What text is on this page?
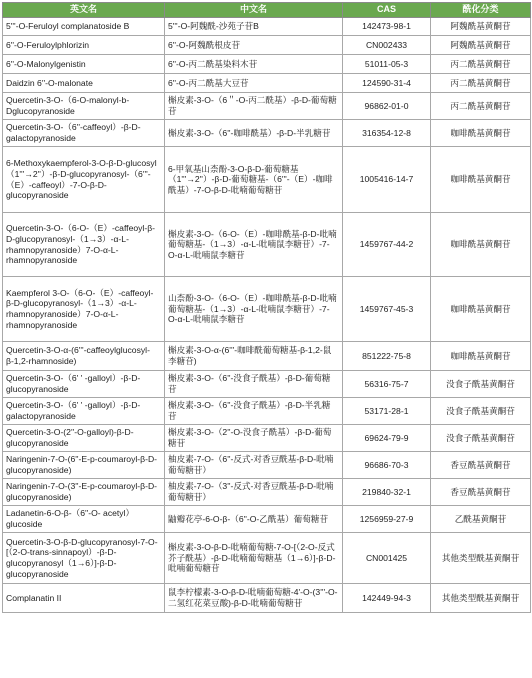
英文名	中文名	CAS	酰化分类
5'''-O-Feruloyl complanatoside B	5'''-O-阿魏酰-沙苑子苷B	142473-98-1	阿魏酰基黄酮苷
6''-O-Feruloylphlorizin	6''-O-阿魏酰根皮苷	CN002433	阿魏酰基黄酮苷
6''-O-Malonylgenistin	6''-O-丙二酰基染料木苷	51011-05-3	丙二酰基黄酮苷
Daidzin 6''-O-malonate	6''-O-丙二酰基大豆苷	124590-31-4	丙二酰基黄酮苷
Quercetin-3-O-（6-O-malonyl-b-Dglucopyranoside	槲皮素-3-O-（6＂-O-丙二酰基）-β-D-葡萄糖苷	96862-01-0	丙二酰基黄酮苷
Quercetin-3-O-（6''-caffeoyl）-β-D-galactopyranoside	槲皮素-3-O-（6''-咖啡酰基）-β-D-半乳糖苷	316354-12-8	咖啡酰基黄酮苷
6-Methoxykaempferol-3-O-β-D-glucosyl（1'''→2''）-β-D-glucopyranosyl-（6'''-（E）-caffeoyl）-7-O-β-D-glucopyranoside	6-甲氧基山柰酚-3-O-β-D-葡萄糖基（1'''→2''）-β-D-葡萄糖基-（6'''-（E）-咖啡酰基）-7-O-β-D-吡喃葡萄糖苷	1005416-14-7	咖啡酰基黄酮苷
Quercetin-3-O-（6-O-（E）-caffeoyl-β-D-glucopyranosyl-（1→3）-α-L-rhamnopyranoside）7-O-α-L-rhamnopyranoside	槲皮素-3-O-（6-O-（E）-咖啡酰基-β-D-吡喃葡萄糖基-（1→3）-α-L-吡喃鼠李糖苷）-7-O-α-L-吡喃鼠李糖苷	1459767-44-2	咖啡酰基黄酮苷
Kaempferol 3-O-（6-O-（E）-caffeoyl-β-D-glucopyranosyl-（1→3）-α-L-rhamnopyranoside）7-O-α-L-rhamnopyranoside	山柰酚-3-O-（6-O-（E）-咖啡酰基-β-D-吡喃葡萄糖基-（1→3）-α-L-吡喃鼠李糖苷）-7-O-α-L-吡喃鼠李糖苷	1459767-45-3	咖啡酰基黄酮苷
Quercetin-3-O-α-(6'''-caffeoylglucosyl-β-1,2-rhamnoside)	槲皮素-3-O-α-(6'''-咖啡酰葡萄糖基-β-1,2-鼠李糖苷)	851222-75-8	咖啡酰基黄酮苷
Quercetin-3-O-（6' ' -galloyl）-β-D-glucopyranoside	槲皮素-3-O-（6''-没食子酰基）-β-D-葡萄糖苷	56316-75-7	没食子酰基黄酮苷
Quercetin-3-O-（6' ' -galloyl）-β-D-galactopyranoside	槲皮素-3-O-（6''-没食子酰基）-β-D-半乳糖苷	53171-28-1	没食子酰基黄酮苷
Quercetin-3-O-(2''-O-galloyl)-β-D-glucopyranoside	槲皮素-3-O-（2''-O-没食子酰基）-β-D-葡萄糖苷	69624-79-9	没食子酰基黄酮苷
Naringenin-7-O-(6''-E-p-coumaroyl-β-D-glucopyranoside)	柚皮素-7-O-（6''-反式-对香豆酰基-β-D-吡喃葡萄糖苷）	96686-70-3	香豆酰基黄酮苷
Naringenin-7-O-(3''-E-p-coumaroyl-β-D-glucopyranoside)	柚皮素-7-O-（3''-反式-对香豆酰基-β-D-吡喃葡萄糖苷）	219840-32-1	香豆酰基黄酮苷
Ladanetin-6-O-β-（6''-O- acetyl）glucoside	鼬瓣花亭-6-O-β-（6''-O-乙酰基）葡萄糖苷	1256959-27-9	乙酰基黄酮苷
Quercetin-3-O-β-D-glucopyranosyl-7-O-[（2-O-trans-sinnapoyl）-β-D-glucopyranosyl（1→6）]-β-D-glucopyranoside	槲皮素-3-O-β-D-吡喃葡萄糖-7-O-[（2-O-反式芥子酰基）-β-D-吡喃葡萄糖基（1→6）]-β-D-吡喃葡萄糖苷	CN001425	其他类型酰基黄酮苷
Complanatin II	鼠李柠檬素-3-O-β-D-吡喃葡萄糖-4'-O-(3'''-O-二氢红花菜豆酸)-β-D-吡喃葡萄糖苷	142449-94-3	其他类型酰基黄酮苷
